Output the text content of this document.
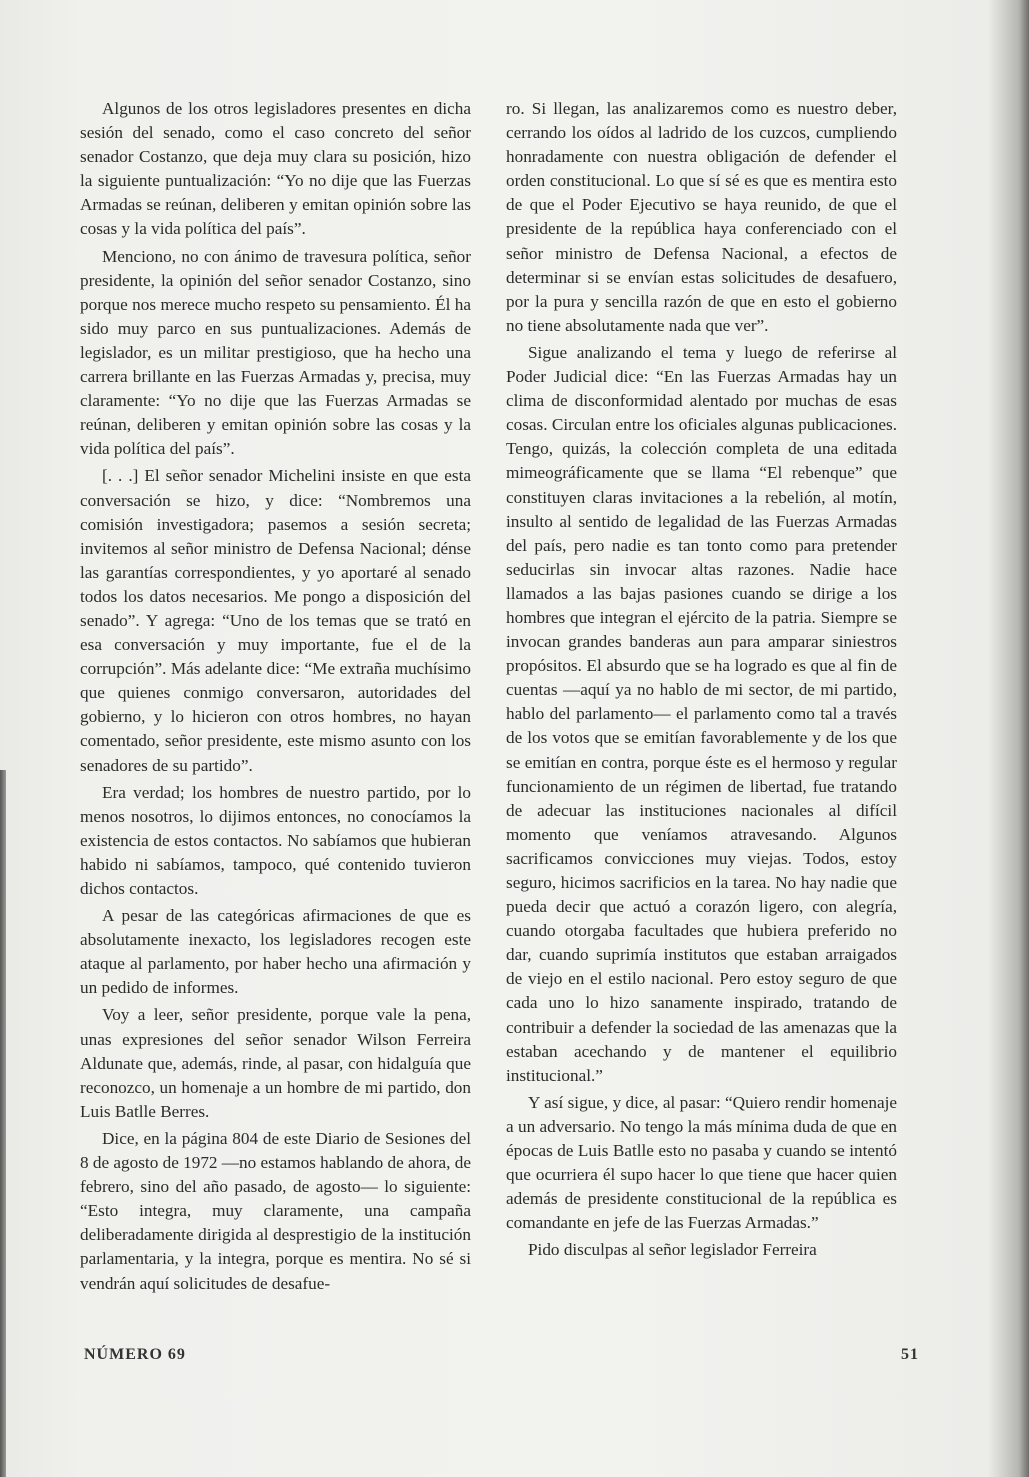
Algunos de los otros legisladores presentes en dicha sesión del senado, como el caso concreto del señor senador Costanzo, que deja muy clara su posición, hizo la siguiente puntualización: “Yo no dije que las Fuerzas Armadas se reúnan, deliberen y emitan opinión sobre las cosas y la vida política del país”.

Menciono, no con ánimo de travesura política, señor presidente, la opinión del señor senador Costanzo, sino porque nos merece mucho respeto su pensamiento. Él ha sido muy parco en sus puntualizaciones. Además de legislador, es un militar prestigioso, que ha hecho una carrera brillante en las Fuerzas Armadas y, precisa, muy claramente: “Yo no dije que las Fuerzas Armadas se reúnan, deliberen y emitan opinión sobre las cosas y la vida política del país”.

[. . .] El señor senador Michelini insiste en que esta conversación se hizo, y dice: “Nombremos una comisión investigadora; pasemos a sesión secreta; invitemos al señor ministro de Defensa Nacional; dénse las garantías correspondientes, y yo aportaré al senado todos los datos necesarios. Me pongo a disposición del senado”. Y agrega: “Uno de los temas que se trató en esa conversación y muy importante, fue el de la corrupción”. Más adelante dice: “Me extraña muchísimo que quienes conmigo conversaron, autoridades del gobierno, y lo hicieron con otros hombres, no hayan comentado, señor presidente, este mismo asunto con los senadores de su partido”.

Era verdad; los hombres de nuestro partido, por lo menos nosotros, lo dijimos entonces, no conocíamos la existencia de estos contactos. No sabíamos que hubieran habido ni sabíamos, tampoco, qué contenido tuvieron dichos contactos.

A pesar de las categóricas afirmaciones de que es absolutamente inexacto, los legisladores recogen este ataque al parlamento, por haber hecho una afirmación y un pedido de informes.

Voy a leer, señor presidente, porque vale la pena, unas expresiones del señor senador Wilson Ferreira Aldunate que, además, rinde, al pasar, con hidalguía que reconozco, un homenaje a un hombre de mi partido, don Luis Batlle Berres.

Dice, en la página 804 de este Diario de Sesiones del 8 de agosto de 1972 —no estamos hablando de ahora, de febrero, sino del año pasado, de agosto— lo siguiente: “Esto integra, muy claramente, una campaña deliberadamente dirigida al desprestigio de la institución parlamentaria, y la integra, porque es mentira. No sé si vendrán aquí solicitudes de desafue-

ro. Si llegan, las analizaremos como es nuestro deber, cerrando los oídos al ladrido de los cuzcos, cumpliendo honradamente con nuestra obligación de defender el orden constitucional. Lo que sí sé es que es mentira esto de que el Poder Ejecutivo se haya reunido, de que el presidente de la república haya conferenciado con el señor ministro de Defensa Nacional, a efectos de determinar si se envían estas solicitudes de desafuero, por la pura y sencilla razón de que en esto el gobierno no tiene absolutamente nada que ver”.

Sigue analizando el tema y luego de referirse al Poder Judicial dice: “En las Fuerzas Armadas hay un clima de disconformidad alentado por muchas de esas cosas. Circulan entre los oficiales algunas publicaciones. Tengo, quizás, la colección completa de una editada mimeográficamente que se llama “El rebenque” que constituyen claras invitaciones a la rebelión, al motín, insulto al sentido de legalidad de las Fuerzas Armadas del país, pero nadie es tan tonto como para pretender seducirlas sin invocar altas razones. Nadie hace llamados a las bajas pasiones cuando se dirige a los hombres que integran el ejército de la patria. Siempre se invocan grandes banderas aun para amparar siniestros propósitos. El absurdo que se ha logrado es que al fin de cuentas —aquí ya no hablo de mi sector, de mi partido, hablo del parlamento— el parlamento como tal a través de los votos que se emitían favorablemente y de los que se emitían en contra, porque éste es el hermoso y regular funcionamiento de un régimen de libertad, fue tratando de adecuar las instituciones nacionales al difícil momento que veníamos atravesando. Algunos sacrificamos convicciones muy viejas. Todos, estoy seguro, hicimos sacrificios en la tarea. No hay nadie que pueda decir que actuó a corazón ligero, con alegría, cuando otorgaba facultades que hubiera preferido no dar, cuando suprimía institutos que estaban arraigados de viejo en el estilo nacional. Pero estoy seguro de que cada uno lo hizo sanamente inspirado, tratando de contribuir a defender la sociedad de las amenazas que la estaban acechando y de mantener el equilibrio institucional.”

Y así sigue, y dice, al pasar: “Quiero rendir homenaje a un adversario. No tengo la más mínima duda de que en épocas de Luis Batlle esto no pasaba y cuando se intentó que ocurriera él supo hacer lo que tiene que hacer quien además de presidente constitucional de la república es comandante en jefe de las Fuerzas Armadas.”

Pido disculpas al señor legislador Ferreira

NÚMERO 69	51
